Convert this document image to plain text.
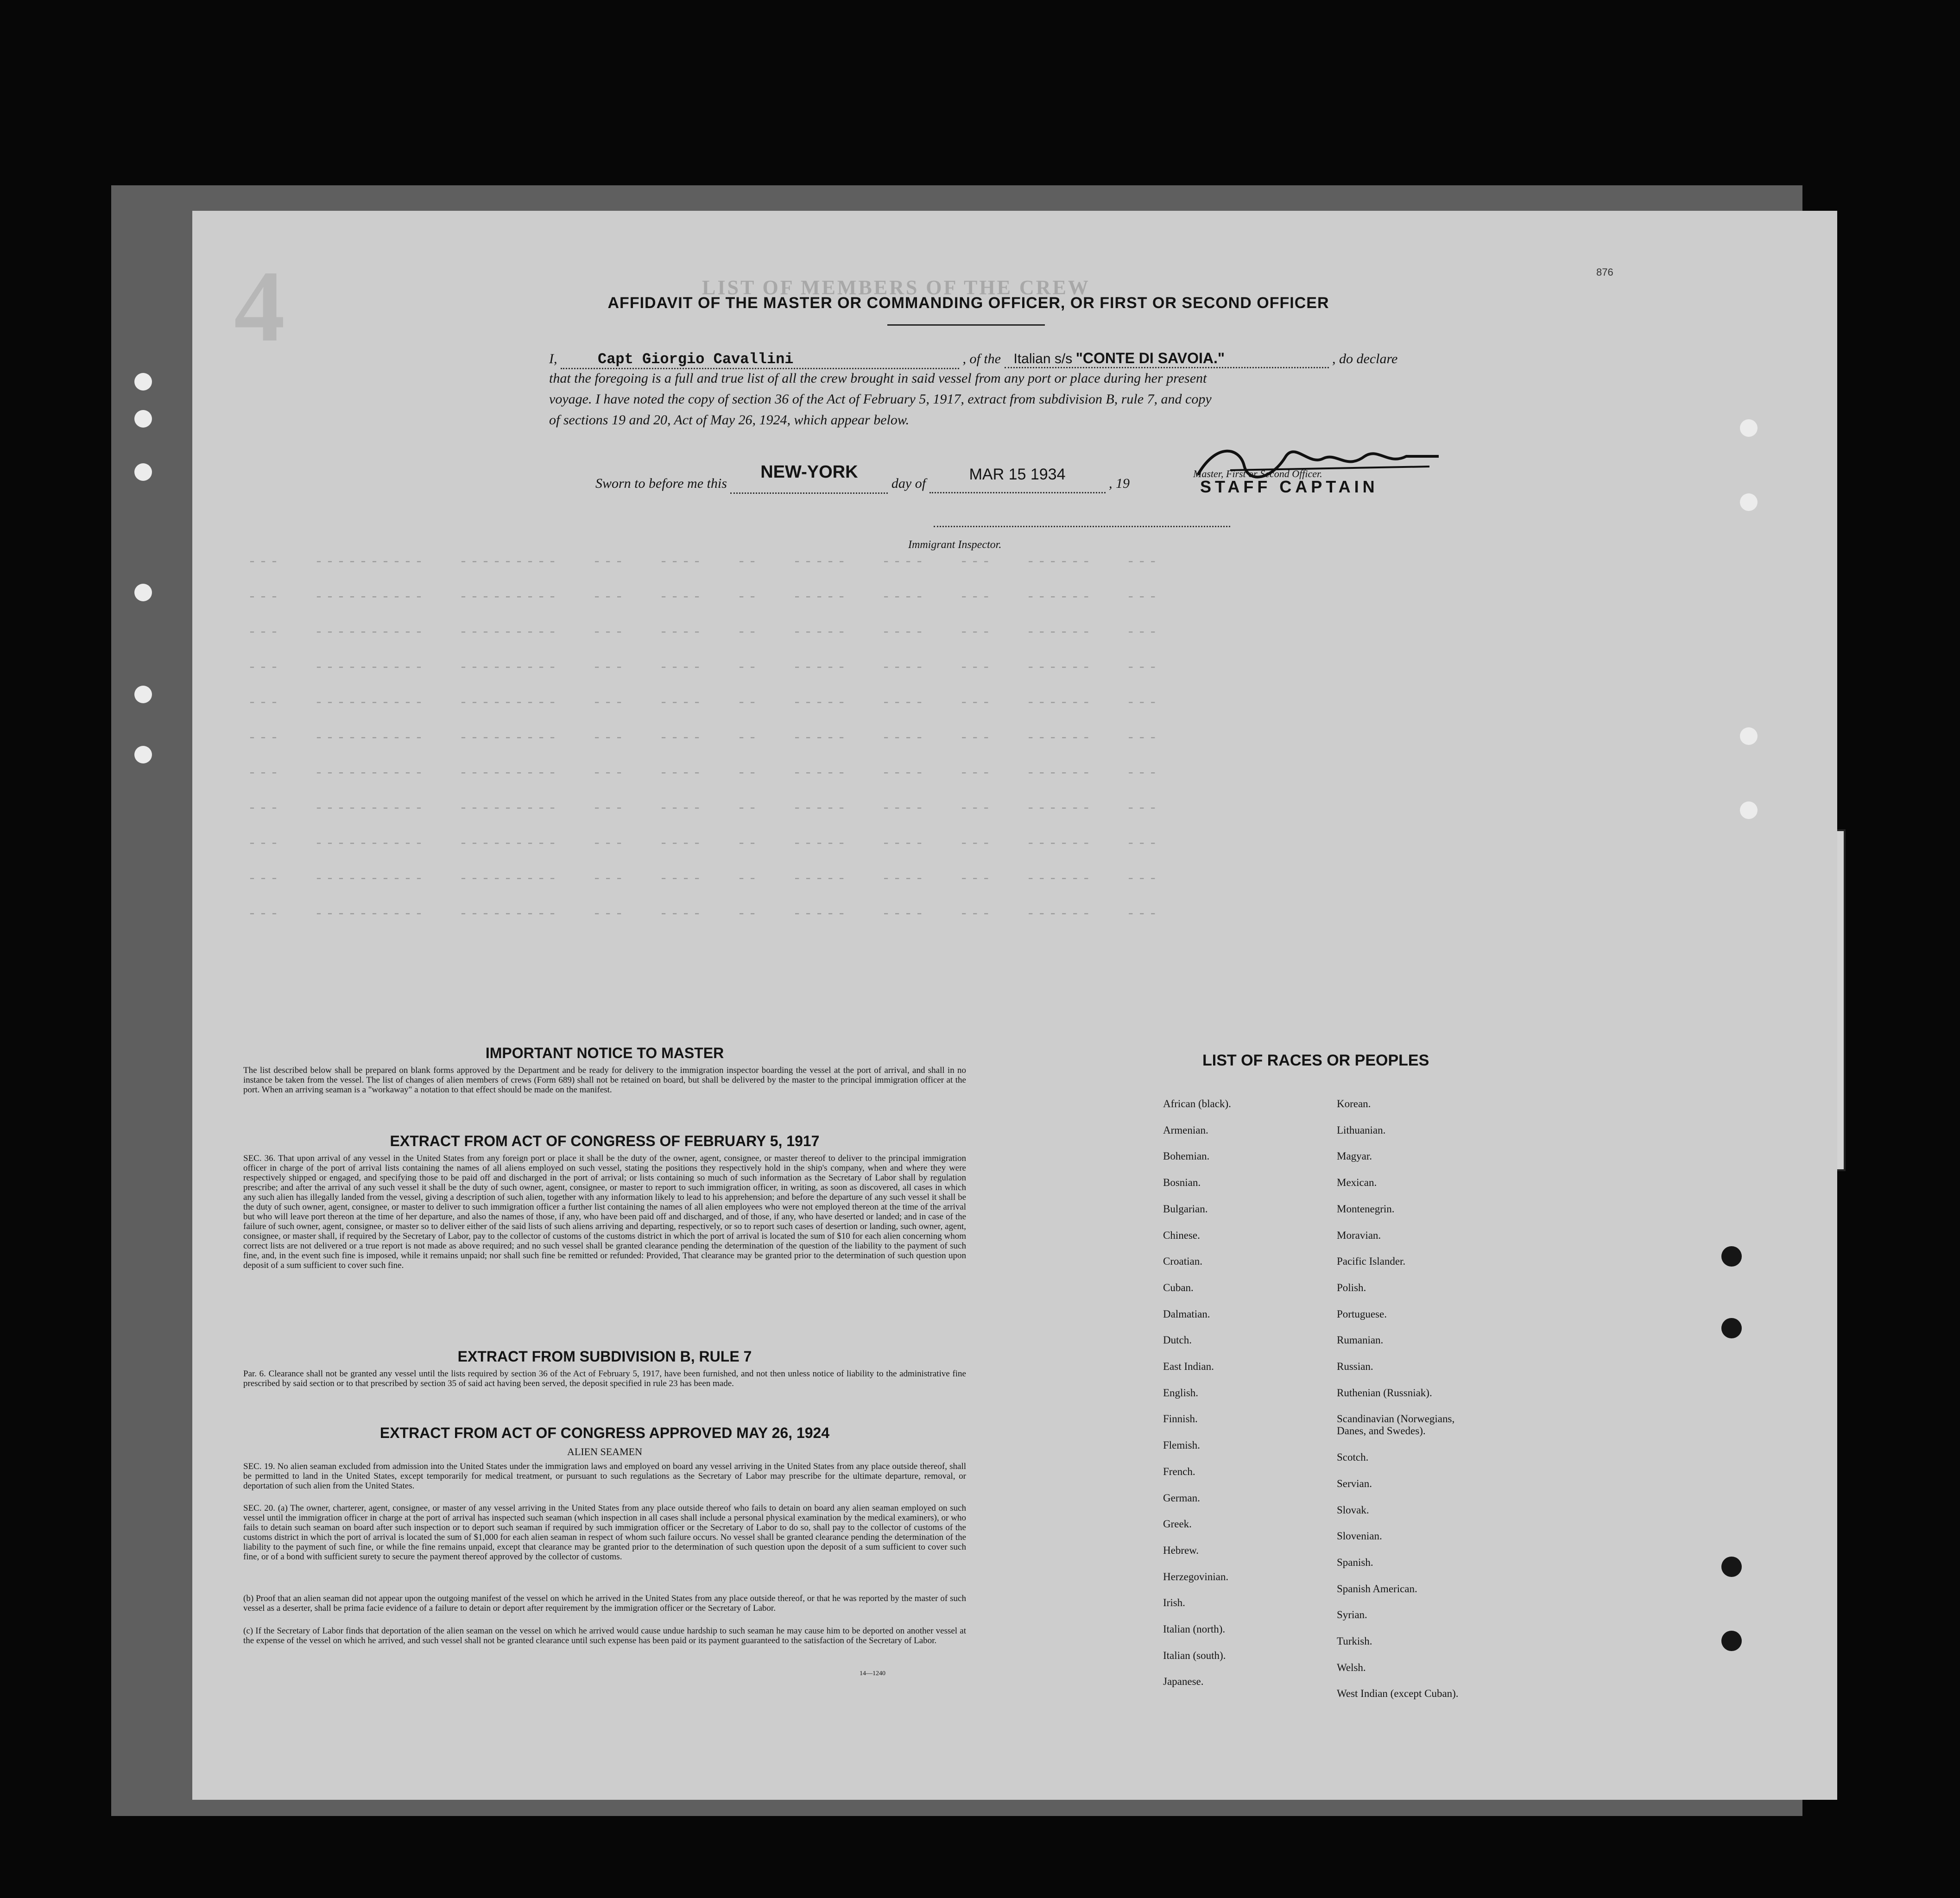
4	LIST OF MEMBERS OF THE CREW
---   ----------   ---------   ---   ----   --   -----   ----   ---   ------   ---
---   ----------   ---------   ---   ----   --   -----   ----   ---   ------   ---
---   ----------   ---------   ---   ----   --   -----   ----   ---   ------   ---
---   ----------   ---------   ---   ----   --   -----   ----   ---   ------   ---
---   ----------   ---------   ---   ----   --   -----   ----   ---   ------   ---
---   ----------   ---------   ---   ----   --   -----   ----   ---   ------   ---
---   ----------   ---------   ---   ----   --   -----   ----   ---   ------   ---
---   ----------   ---------   ---   ----   --   -----   ----   ---   ------   ---
---   ----------   ---------   ---   ----   --   -----   ----   ---   ------   ---
---   ----------   ---------   ---   ----   --   -----   ----   ---   ------   ---
---   ----------   ---------   ---   ----   --   -----   ----   ---   ------   ---
876
AFFIDAVIT OF THE MASTER OR COMMANDING OFFICER, OR FIRST OR SECOND OFFICER
I,	Capt Giorgio Cavallini	, of the Italian s/s "CONTE DI SAVOIA."	, do declare
that the foregoing is a full and true list of all the crew brought in said vessel from any port or place during her present
voyage. I have noted the copy of section 36 of the Act of February 5, 1917, extract from subdivision B, rule 7, and copy
of sections 19 and 20, Act of May 26, 1924, which appear below.
Master, First or Second Officer.
STAFF CAPTAIN
Sworn to before me this NEW-YORK day of MAR 15 1934 , 19
Immigrant Inspector.
IMPORTANT NOTICE TO MASTER
The list described below shall be prepared on blank forms approved by the Department and be ready for delivery to the immigration inspector boarding the vessel at the port of arrival, and shall in no instance be taken from the vessel. The list of changes of alien members of crews (Form 689) shall not be retained on board, but shall be delivered by the master to the principal immigration officer at the port. When an arriving seaman is a "workaway" a notation to that effect should be made on the manifest.
EXTRACT FROM ACT OF CONGRESS OF FEBRUARY 5, 1917
SEC. 36. That upon arrival of any vessel in the United States from any foreign port or place it shall be the duty of the owner, agent, consignee, or master thereof to deliver to the principal immigration officer in charge of the port of arrival lists containing the names of all aliens employed on such vessel, stating the positions they respectively hold in the ship's company, when and where they were respectively shipped or engaged, and specifying those to be paid off and discharged in the port of arrival; or lists containing so much of such information as the Secretary of Labor shall by regulation prescribe; and after the arrival of any such vessel it shall be the duty of such owner, agent, consignee, or master to report to such immigration officer, in writing, as soon as discovered, all cases in which any such alien has illegally landed from the vessel, giving a description of such alien, together with any information likely to lead to his apprehension; and before the departure of any such vessel it shall be the duty of such owner, agent, consignee, or master to deliver to such immigration officer a further list containing the names of all alien employees who were not employed thereon at the time of the arrival but who will leave port thereon at the time of her departure, and also the names of those, if any, who have been paid off and discharged, and of those, if any, who have deserted or landed; and in case of the failure of such owner, agent, consignee, or master so to deliver either of the said lists of such aliens arriving and departing, respectively, or so to report such cases of desertion or landing, such owner, agent, consignee, or master shall, if required by the Secretary of Labor, pay to the collector of customs of the customs district in which the port of arrival is located the sum of $10 for each alien concerning whom correct lists are not delivered or a true report is not made as above required; and no such vessel shall be granted clearance pending the determination of the question of the liability to the payment of such fine, and, in the event such fine is imposed, while it remains unpaid; nor shall such fine be remitted or refunded: Provided, That clearance may be granted prior to the determination of such question upon deposit of a sum sufficient to cover such fine.
EXTRACT FROM SUBDIVISION B, RULE 7
Par. 6. Clearance shall not be granted any vessel until the lists required by section 36 of the Act of February 5, 1917, have been furnished, and not then unless notice of liability to the administrative fine prescribed by said section or to that prescribed by section 35 of said act having been served, the deposit specified in rule 23 has been made.
EXTRACT FROM ACT OF CONGRESS APPROVED MAY 26, 1924
ALIEN SEAMEN
SEC. 19. No alien seaman excluded from admission into the United States under the immigration laws and employed on board any vessel arriving in the United States from any place outside thereof, shall be permitted to land in the United States, except temporarily for medical treatment, or pursuant to such regulations as the Secretary of Labor may prescribe for the ultimate departure, removal, or deportation of such alien from the United States.
SEC. 20. (a) The owner, charterer, agent, consignee, or master of any vessel arriving in the United States from any place outside thereof who fails to detain on board any alien seaman employed on such vessel until the immigration officer in charge at the port of arrival has inspected such seaman (which inspection in all cases shall include a personal physical examination by the medical examiners), or who fails to detain such seaman on board after such inspection or to deport such seaman if required by such immigration officer or the Secretary of Labor to do so, shall pay to the collector of customs of the customs district in which the port of arrival is located the sum of $1,000 for each alien seaman in respect of whom such failure occurs. No vessel shall be granted clearance pending the determination of the liability to the payment of such fine, or while the fine remains unpaid, except that clearance may be granted prior to the determination of such question upon the deposit of a sum sufficient to cover such fine, or of a bond with sufficient surety to secure the payment thereof approved by the collector of customs.
(b) Proof that an alien seaman did not appear upon the outgoing manifest of the vessel on which he arrived in the United States from any place outside thereof, or that he was reported by the master of such vessel as a deserter, shall be prima facie evidence of a failure to detain or deport after requirement by the immigration officer or the Secretary of Labor.
(c) If the Secretary of Labor finds that deportation of the alien seaman on the vessel on which he arrived would cause undue hardship to such seaman he may cause him to be deported on another vessel at the expense of the vessel on which he arrived, and such vessel shall not be granted clearance until such expense has been paid or its payment guaranteed to the satisfaction of the Secretary of Labor.
14—1240
LIST OF RACES OR PEOPLES
African (black).
Armenian.
Bohemian.
Bosnian.
Bulgarian.
Chinese.
Croatian.
Cuban.
Dalmatian.
Dutch.
East Indian.
English.
Finnish.
Flemish.
French.
German.
Greek.
Hebrew.
Herzegovinian.
Irish.
Italian (north).
Italian (south).
Japanese.
Korean.
Lithuanian.
Magyar.
Mexican.
Montenegrin.
Moravian.
Pacific Islander.
Polish.
Portuguese.
Rumanian.
Russian.
Ruthenian (Russniak).
Scandinavian (Norwegians,
Danes, and Swedes).
Scotch.
Servian.
Slovak.
Slovenian.
Spanish.
Spanish American.
Syrian.
Turkish.
Welsh.
West Indian (except Cuban).
